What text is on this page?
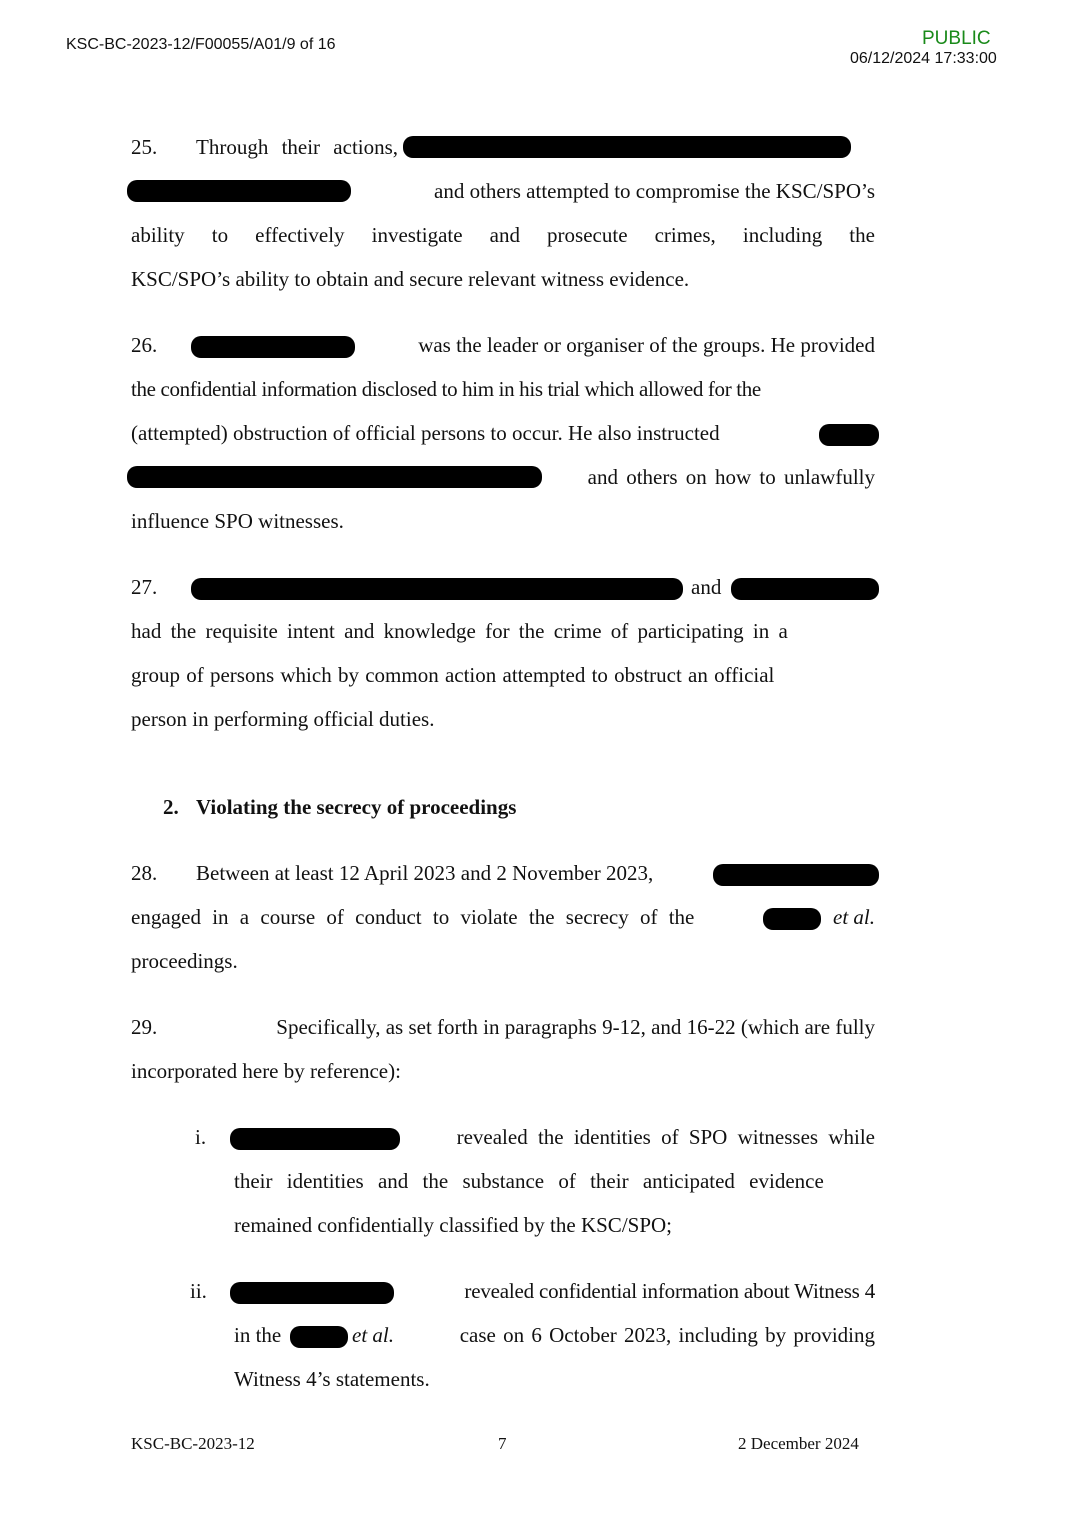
KSC-BC-2023-12/F00055/A01/9 of 16	PUBLIC
06/12/2024 17:33:00
25. Through their actions,
and others attempted to compromise the KSC/SPO’s
ability to effectively investigate and prosecute crimes, including the
KSC/SPO’s ability to obtain and secure relevant witness evidence.
26.	was the leader or organiser of the groups. He provided
the confidential information disclosed to him in his trial which allowed for the
(attempted) obstruction of official persons to occur. He also instructed
and others on how to unlawfully
influence SPO witnesses.
27.	and
had the requisite intent and knowledge for the crime of participating in a
group of persons which by common action attempted to obstruct an official
person in performing official duties.
2. Violating the secrecy of proceedings
28. Between at least 12 April 2023 and 2 November 2023,
engaged in a course of conduct to violate the secrecy of the	et al.
proceedings.
29.	Specifically, as set forth in paragraphs 9-12, and 16-22 (which are fully
incorporated here by reference):
i.	revealed the identities of SPO witnesses while
their identities and the substance of their anticipated evidence
remained confidentially classified by the KSC/SPO;
ii.	revealed confidential information about Witness 4
in the	et al.	case on 6 October 2023, including by providing
Witness 4’s statements.
KSC-BC-2023-12	7	2 December 2024
